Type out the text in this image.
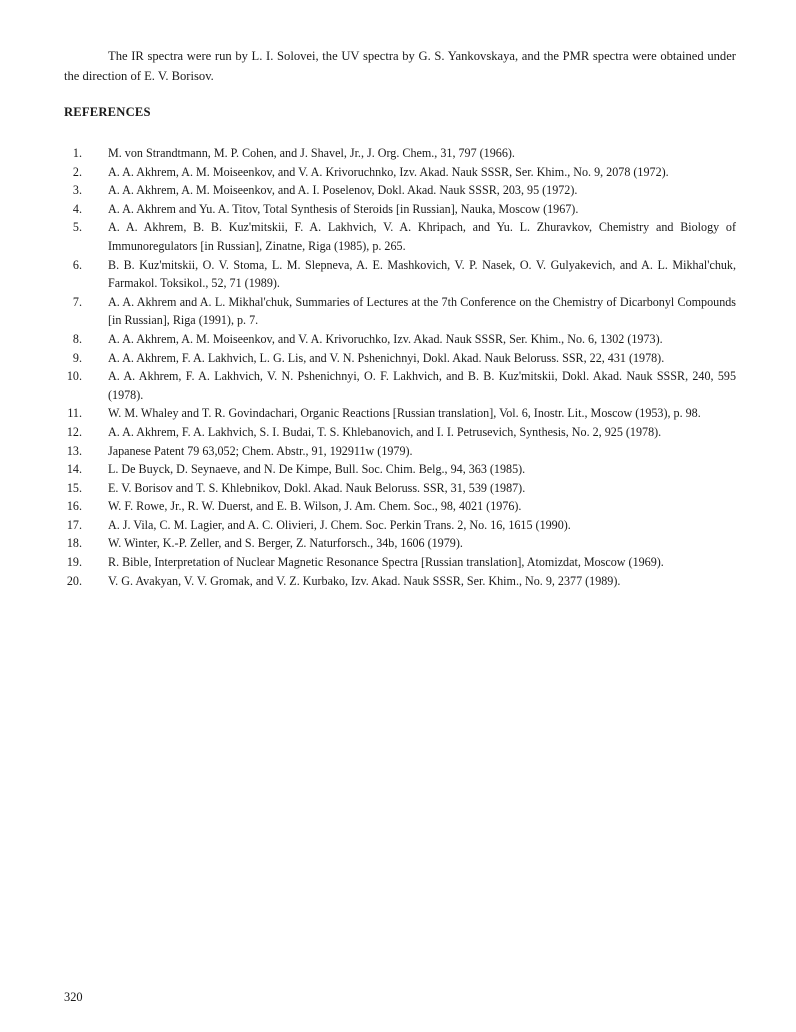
The IR spectra were run by L. I. Solovei, the UV spectra by G. S. Yankovskaya, and the PMR spectra were obtained under the direction of E. V. Borisov.

REFERENCES
1.	M. von Strandtmann, M. P. Cohen, and J. Shavel, Jr., J. Org. Chem., 31, 797 (1966).
2.	A. A. Akhrem, A. M. Moiseenkov, and V. A. Krivoruchnko, Izv. Akad. Nauk SSSR, Ser. Khim., No. 9, 2078 (1972).
3.	A. A. Akhrem, A. M. Moiseenkov, and A. I. Poselenov, Dokl. Akad. Nauk SSSR, 203, 95 (1972).
4.	A. A. Akhrem and Yu. A. Titov, Total Synthesis of Steroids [in Russian], Nauka, Moscow (1967).
5.	A. A. Akhrem, B. B. Kuz'mitskii, F. A. Lakhvich, V. A. Khripach, and Yu. L. Zhuravkov, Chemistry and Biology of Immunoregulators [in Russian], Zinatne, Riga (1985), p. 265.
6.	B. B. Kuz'mitskii, O. V. Stoma, L. M. Slepneva, A. E. Mashkovich, V. P. Nasek, O. V. Gulyakevich, and A. L. Mikhal'chuk, Farmakol. Toksikol., 52, 71 (1989).
7.	A. A. Akhrem and A. L. Mikhal'chuk, Summaries of Lectures at the 7th Conference on the Chemistry of Dicarbonyl Compounds [in Russian], Riga (1991), p. 7.
8.	A. A. Akhrem, A. M. Moiseenkov, and V. A. Krivoruchko, Izv. Akad. Nauk SSSR, Ser. Khim., No. 6, 1302 (1973).
9.	A. A. Akhrem, F. A. Lakhvich, L. G. Lis, and V. N. Pshenichnyi, Dokl. Akad. Nauk Beloruss. SSR, 22, 431 (1978).
10.	A. A. Akhrem, F. A. Lakhvich, V. N. Pshenichnyi, O. F. Lakhvich, and B. B. Kuz'mitskii, Dokl. Akad. Nauk SSSR, 240, 595 (1978).
11.	W. M. Whaley and T. R. Govindachari, Organic Reactions [Russian translation], Vol. 6, Inostr. Lit., Moscow (1953), p. 98.
12.	A. A. Akhrem, F. A. Lakhvich, S. I. Budai, T. S. Khlebanovich, and I. I. Petrusevich, Synthesis, No. 2, 925 (1978).
13.	Japanese Patent 79 63,052; Chem. Abstr., 91, 192911w (1979).
14.	L. De Buyck, D. Seynaeve, and N. De Kimpe, Bull. Soc. Chim. Belg., 94, 363 (1985).
15.	E. V. Borisov and T. S. Khlebnikov, Dokl. Akad. Nauk Beloruss. SSR, 31, 539 (1987).
16.	W. F. Rowe, Jr., R. W. Duerst, and E. B. Wilson, J. Am. Chem. Soc., 98, 4021 (1976).
17.	A. J. Vila, C. M. Lagier, and A. C. Olivieri, J. Chem. Soc. Perkin Trans. 2, No. 16, 1615 (1990).
18.	W. Winter, K.-P. Zeller, and S. Berger, Z. Naturforsch., 34b, 1606 (1979).
19.	R. Bible, Interpretation of Nuclear Magnetic Resonance Spectra [Russian translation], Atomizdat, Moscow (1969).
20.	V. G. Avakyan, V. V. Gromak, and V. Z. Kurbako, Izv. Akad. Nauk SSSR, Ser. Khim., No. 9, 2377 (1989).
320
